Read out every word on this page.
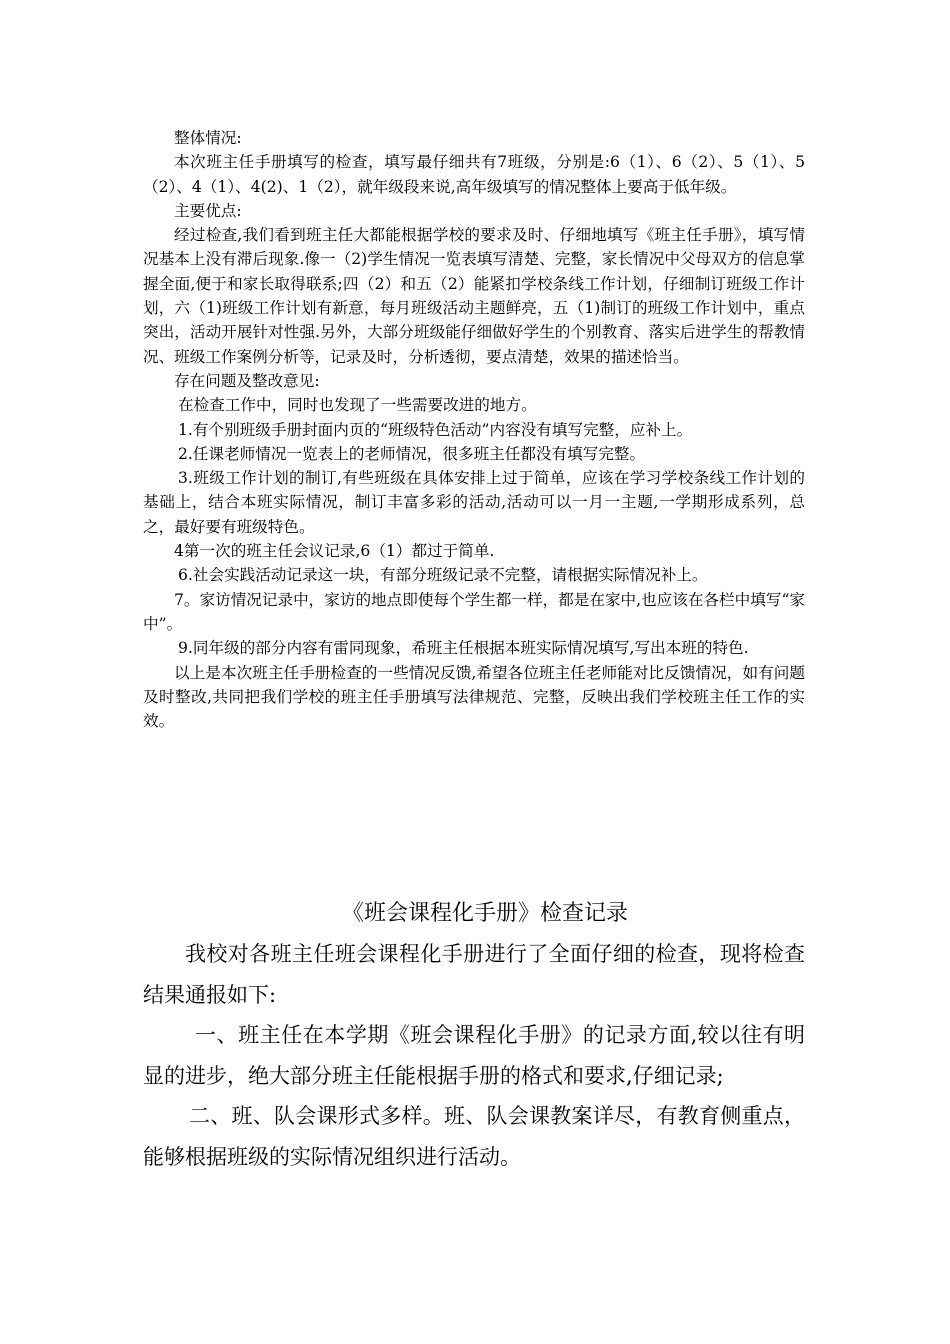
整体情况:

本次班主任手册填写的检查，填写最仔细共有7班级，分别是:6（1）、6（2）、5（1）、5（2）、4（1）、4(2)、1（2），就年级段来说,高年级填写的情况整体上要高于低年级。

主要优点:

经过检查,我们看到班主任大都能根据学校的要求及时、仔细地填写《班主任手册》，填写情况基本上没有滞后现象.像一（2)学生情况一览表填写清楚、完整，家长情况中父母双方的信息掌握全面,便于和家长取得联系;四（2）和五（2）能紧扣学校条线工作计划，仔细制订班级工作计划，六（1)班级工作计划有新意，每月班级活动主题鲜亮，五（1)制订的班级工作计划中，重点突出，活动开展针对性强.另外，大部分班级能仔细做好学生的个别教育、落实后进学生的帮教情况、班级工作案例分析等，记录及时，分析透彻，要点清楚，效果的描述恰当。

存在问题及整改意见:

在检查工作中，同时也发现了一些需要改进的地方。

1.有个别班级手册封面内页的“班级特色活动”内容没有填写完整，应补上。

2.任课老师情况一览表上的老师情况，很多班主任都没有填写完整。

3.班级工作计划的制订,有些班级在具体安排上过于简单，应该在学习学校条线工作计划的基础上，结合本班实际情况，制订丰富多彩的活动,活动可以一月一主题,一学期形成系列，总之，最好要有班级特色。

4第一次的班主任会议记录,6（1）都过于简单.

6.社会实践活动记录这一块，有部分班级记录不完整，请根据实际情况补上。

7。家访情况记录中，家访的地点即使每个学生都一样，都是在家中,也应该在各栏中填写“家中”。

9.同年级的部分内容有雷同现象，希班主任根据本班实际情况填写,写出本班的特色.

以上是本次班主任手册检查的一些情况反馈,希望各位班主任老师能对比反馈情况，如有问题及时整改,共同把我们学校的班主任手册填写法律规范、完整，反映出我们学校班主任工作的实效。

《班会课程化手册》检查记录

我校对各班主任班会课程化手册进行了全面仔细的检查，现将检查结果通报如下:

一、班主任在本学期《班会课程化手册》的记录方面,较以往有明显的进步，绝大部分班主任能根据手册的格式和要求,仔细记录;

二、班、队会课形式多样。班、队会课教案详尽，有教育侧重点，能够根据班级的实际情况组织进行活动。
